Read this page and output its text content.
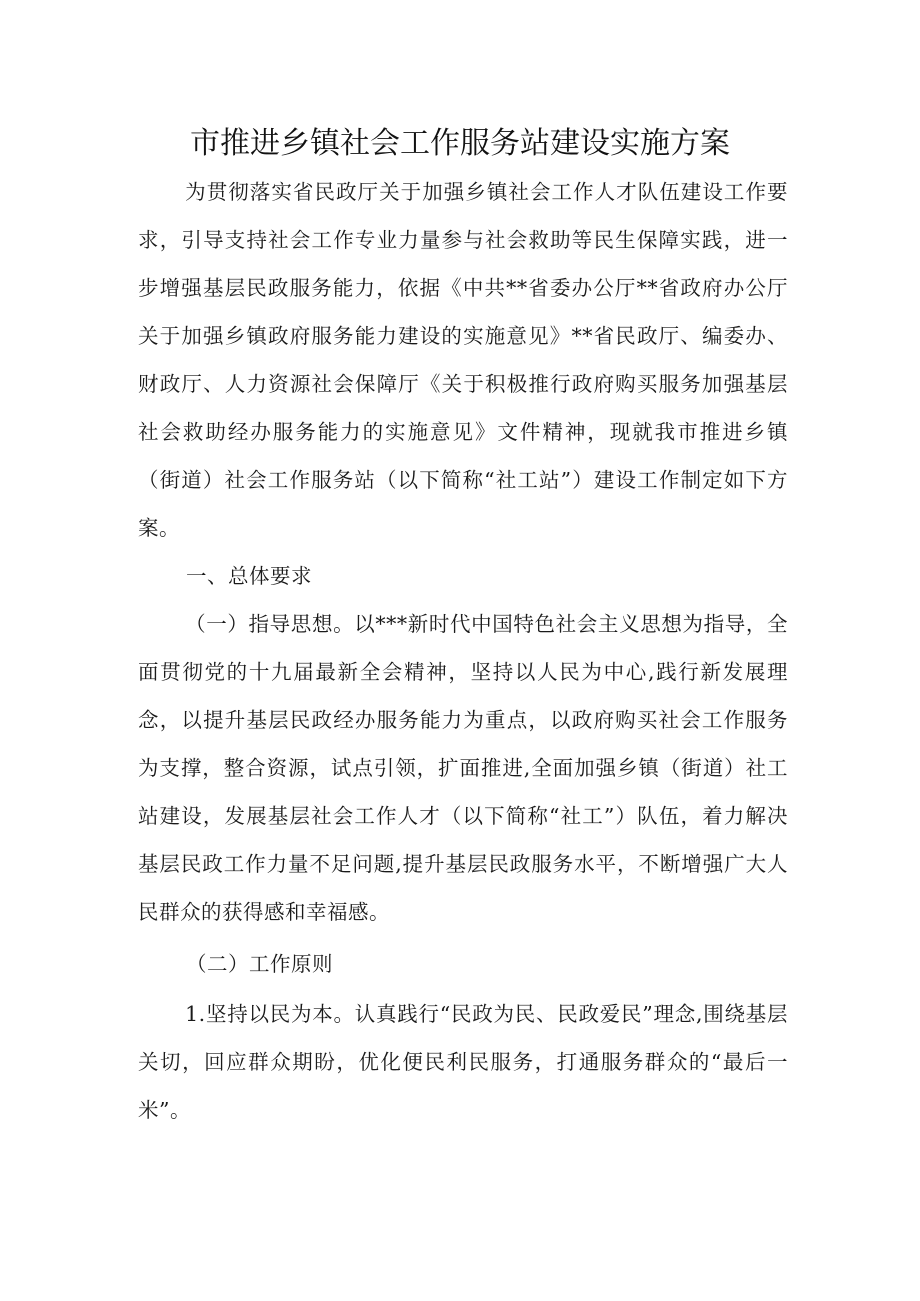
市推进乡镇社会工作服务站建设实施方案

为贯彻落实省民政厅关于加强乡镇社会工作人才队伍建设工作要求，引导支持社会工作专业力量参与社会救助等民生保障实践，进一步增强基层民政服务能力，依据《中共**省委办公厅**省政府办公厅关于加强乡镇政府服务能力建设的实施意见》**省民政厅、编委办、财政厅、人力资源社会保障厅《关于积极推行政府购买服务加强基层社会救助经办服务能力的实施意见》文件精神，现就我市推进乡镇（街道）社会工作服务站（以下简称“社工站”）建设工作制定如下方案。

一、总体要求

（一）指导思想。以***新时代中国特色社会主义思想为指导，全面贯彻党的十九届最新全会精神，坚持以人民为中心,践行新发展理念，以提升基层民政经办服务能力为重点，以政府购买社会工作服务为支撑，整合资源，试点引领，扩面推进,全面加强乡镇（街道）社工站建设，发展基层社会工作人才（以下简称“社工”）队伍，着力解决基层民政工作力量不足问题,提升基层民政服务水平，不断增强广大人民群众的获得感和幸福感。

（二）工作原则

1.坚持以民为本。认真践行“民政为民、民政爱民”理念,围绕基层关切，回应群众期盼，优化便民利民服务，打通服务群众的“最后一米”。
